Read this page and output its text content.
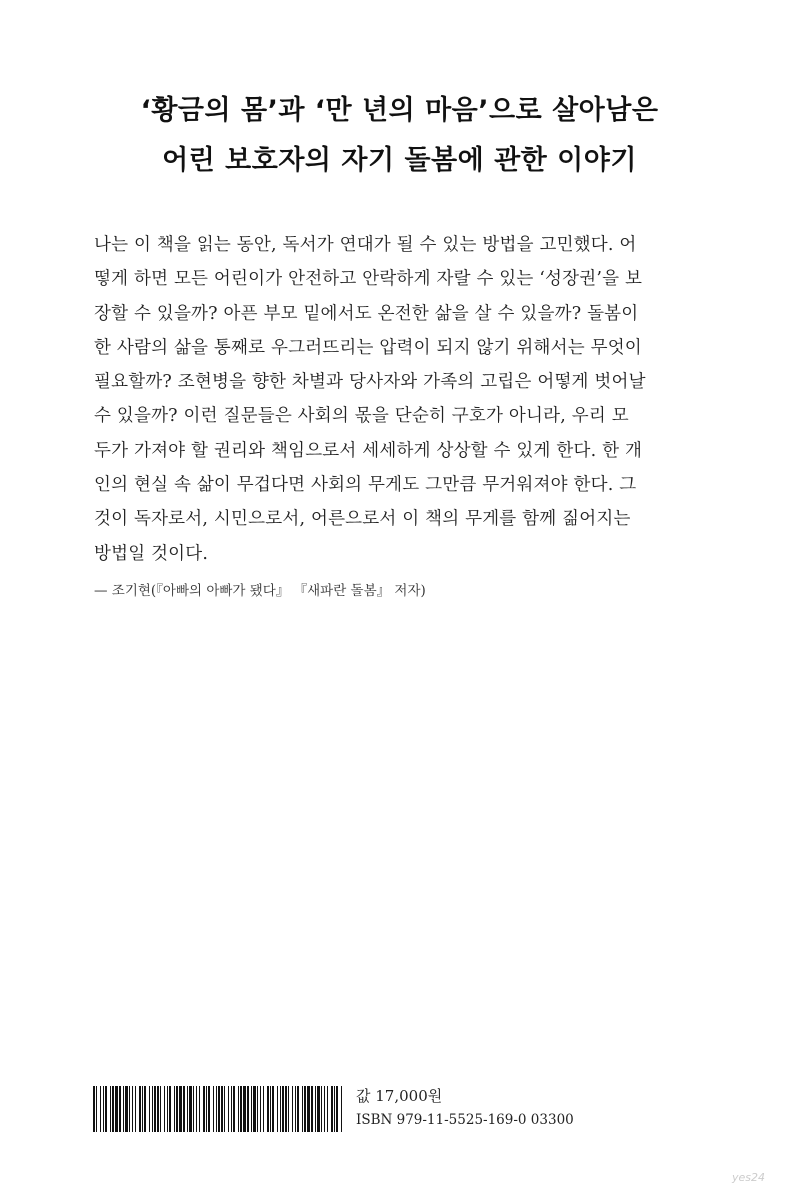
‘황금의 몸’과 ‘만 년의 마음’으로 살아남은
어린 보호자의 자기 돌봄에 관한 이야기
나는 이 책을 읽는 동안, 독서가 연대가 될 수 있는 방법을 고민했다. 어
떻게 하면 모든 어린이가 안전하고 안락하게 자랄 수 있는 ‘성장권’을 보
장할 수 있을까? 아픈 부모 밑에서도 온전한 삶을 살 수 있을까? 돌봄이
한 사람의 삶을 통째로 우그러뜨리는 압력이 되지 않기 위해서는 무엇이
필요할까? 조현병을 향한 차별과 당사자와 가족의 고립은 어떻게 벗어날
수 있을까? 이런 질문들은 사회의 몫을 단순히 구호가 아니라, 우리 모
두가 가져야 할 권리와 책임으로서 세세하게 상상할 수 있게 한다. 한 개
인의 현실 속 삶이 무겁다면 사회의 무게도 그만큼 무거워져야 한다. 그
것이 독자로서, 시민으로서, 어른으로서 이 책의 무게를 함께 짊어지는
방법일 것이다.
— 조기현(『아빠의 아빠가 됐다』 『새파란 돌봄』 저자)
값 17,000원
ISBN 979-11-5525-169-0 03300
yes24
